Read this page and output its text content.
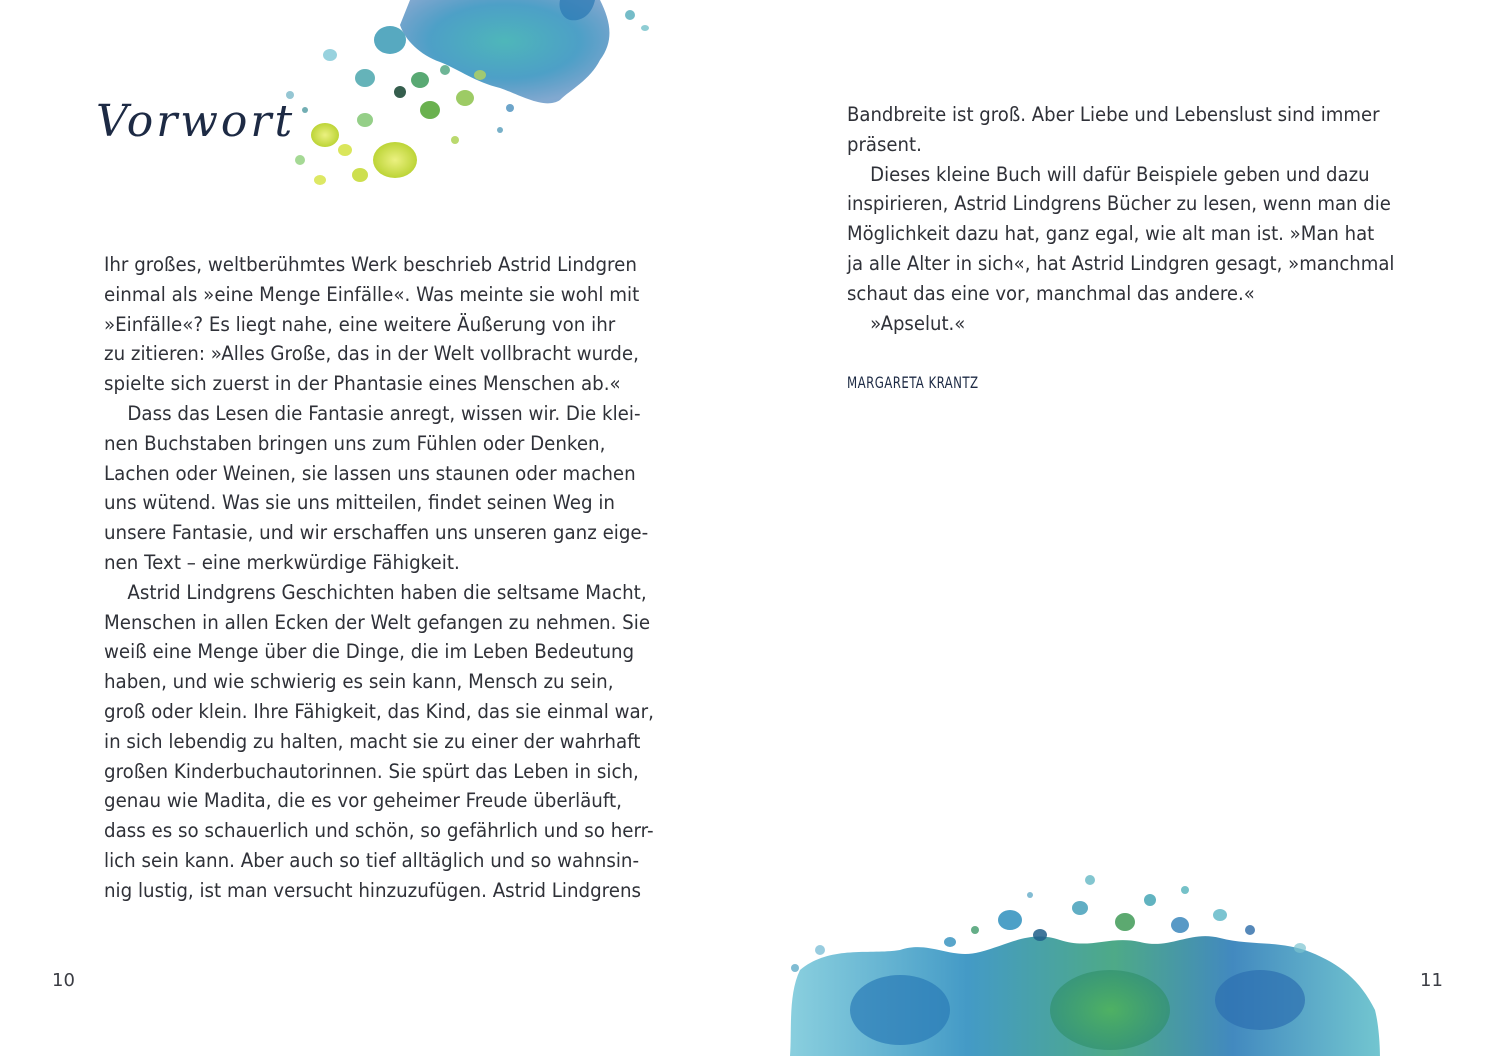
Vorwort
Ihr großes, weltberühmtes Werk beschrieb Astrid Lindgren
einmal als »eine Menge Einfälle«. Was meinte sie wohl mit
»Einfälle«? Es liegt nahe, eine weitere Äußerung von ihr
zu zitieren: »Alles Große, das in der Welt vollbracht wurde,
spielte sich zuerst in der Phantasie eines Menschen ab.«
Dass das Lesen die Fantasie anregt, wissen wir. Die klei-
nen Buchstaben bringen uns zum Fühlen oder Denken,
Lachen oder Weinen, sie lassen uns staunen oder machen
uns wütend. Was sie uns mitteilen, findet seinen Weg in
unsere Fantasie, und wir erschaffen uns unseren ganz eige-
nen Text – eine merkwürdige Fähigkeit.
Astrid Lindgrens Geschichten haben die seltsame Macht,
Menschen in allen Ecken der Welt gefangen zu nehmen. Sie
weiß eine Menge über die Dinge, die im Leben Bedeutung
haben, und wie schwierig es sein kann, Mensch zu sein,
groß oder klein. Ihre Fähigkeit, das Kind, das sie einmal war,
in sich lebendig zu halten, macht sie zu einer der wahrhaft
großen Kinderbuchautorinnen. Sie spürt das Leben in sich,
genau wie Madita, die es vor geheimer Freude überläuft,
dass es so schauerlich und schön, so gefährlich und so herr-
lich sein kann. Aber auch so tief alltäglich und so wahnsin-
nig lustig, ist man versucht hinzuzufügen. Astrid Lindgrens
10
Bandbreite ist groß. Aber Liebe und Lebenslust sind immer
präsent.
Dieses kleine Buch will dafür Beispiele geben und dazu
inspirieren, Astrid Lindgrens Bücher zu lesen, wenn man die
Möglichkeit dazu hat, ganz egal, wie alt man ist. »Man hat
ja alle Alter in sich«, hat Astrid Lindgren gesagt, »manchmal
schaut das eine vor, manchmal das andere.«
»Apselut.«
MARGARETA KRANTZ
11
